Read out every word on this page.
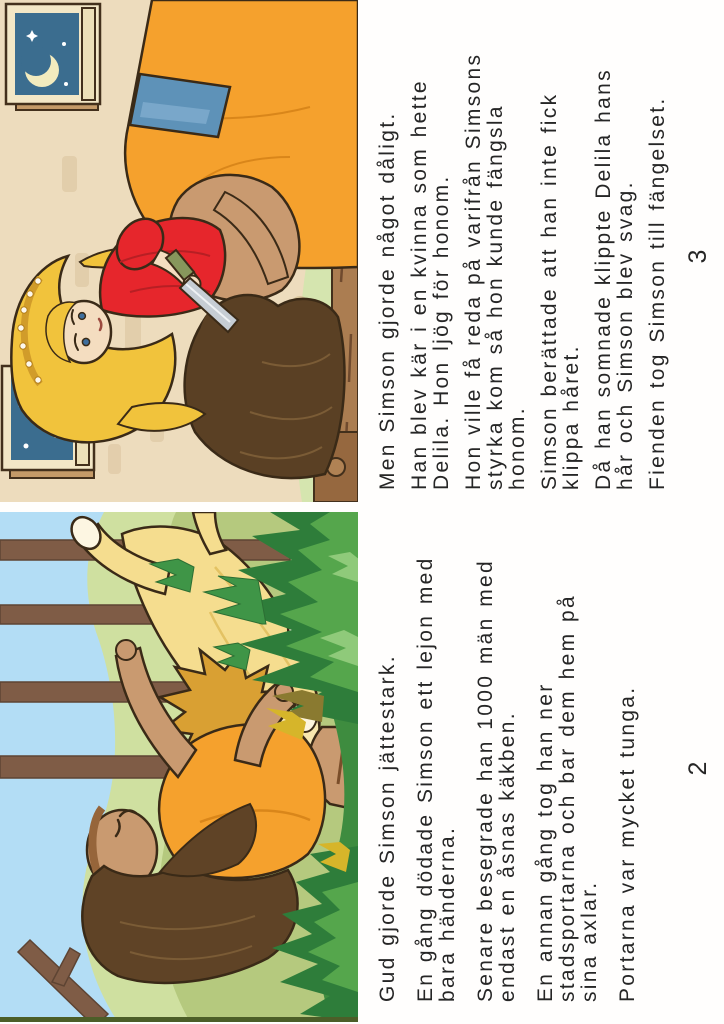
Men Simson gjorde något dåligt. Han blev kär i en kvinna som hette Delila. Hon ljög för honom. Hon ville få reda på varifrån Simsons styrka kom så hon kunde fängsla honom. Simson berättade att han inte fick klippa håret. Då han somnade klippte Delila hans hår och Simson blev svag. Fienden tog Simson till fängelset. 3
Gud gjorde Simson jättestark. En gång dödade Simson ett lejon med bara händerna. Senare besegrade han 1000 män med endast en åsnas käkben. En annan gång tog han ner stadsportarna och bar dem hem på sina axlar. Portarna var mycket tunga. 2
